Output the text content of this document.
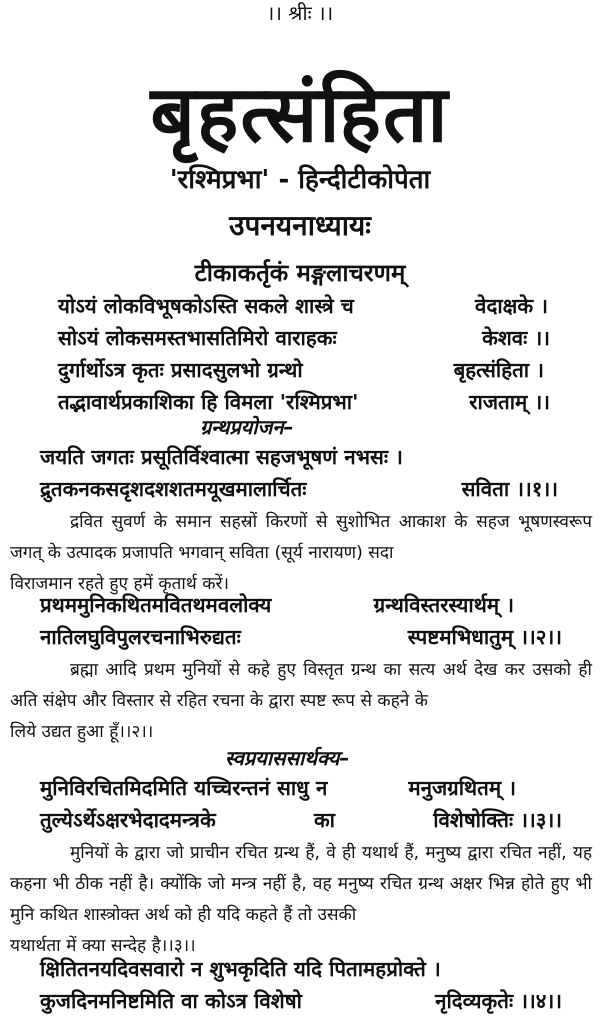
।। श्रीः ।।
बृहत्संहिता
'रश्मिप्रभा' - हिन्दीटीकोपेता
उपनयनाध्यायः
टीकाकर्तृकं मङ्गलाचरणम्
योऽयं लोकविभूषकोऽस्ति सकले शास्त्रे च	वेदाक्षके ।
सोऽयं लोकसमस्तभासतिमिरो वाराहकः	केशवः ।।
दुर्गार्थोऽत्र कृतः प्रसादसुलभो ग्रन्थो	बृहत्संहिता ।
तद्भावार्थप्रकाशिका हि विमला 'रश्मिप्रभा'	राजताम् ।।
ग्रन्थप्रयोजन–
जयति जगतः प्रसूतिर्विश्वात्मा सहजभूषणं नभसः ।
द्रुतकनकसदृशदशशतमयूखमालार्चितः	सविता ।।१।।

द्रवित सुवर्ण के समान सहस्रों किरणों से सुशोभित आकाश के सहज भूषणस्वरूप जगत् के उत्पादक प्रजापति भगवान् सविता (सूर्य नारायण) सदा

विराजमान रहते हुए हमें कृतार्थ करें।
प्रथममुनिकथितमवितथमवलोक्य	ग्रन्थविस्तरस्यार्थम् ।
नातिलघुविपुलरचनाभिरुद्यतः	स्पष्टमभिधातुम् ।।२।।

ब्रह्मा आदि प्रथम मुनियों से कहे हुए विस्तृत ग्रन्थ का सत्य अर्थ देख कर उसको ही अति संक्षेप और विस्तार से रहित रचना के द्वारा स्पष्ट रूप से कहने के

लिये उद्यत हुआ हूँ।।२।।
स्वप्रयाससार्थक्य–
मुनिविरचितमिदमिति यच्चिरन्तनं साधु न	मनुजग्रथितम् ।
तुल्येऽर्थेऽक्षरभेदादमन्त्रके	का	विशेषोक्तिः ।।३।।

मुनियों के द्वारा जो प्राचीन रचित ग्रन्थ हैं, वे ही यथार्थ हैं, मनुष्य द्वारा रचित नहीं, यह कहना भी ठीक नहीं है। क्योंकि जो मन्त्र नहीं है, वह मनुष्य रचित ग्रन्थ अक्षर भिन्न होते हुए भी मुनि कथित शास्त्रोक्त अर्थ को ही यदि कहते हैं तो उसकी

यथार्थता में क्या सन्देह है।।३।।
क्षितितनयदिवसवारो न शुभकृदिति यदि पितामहप्रोक्ते ।
कुजदिनमनिष्टमिति वा कोऽत्र विशेषो	नृदिव्यकृतेः ।।४।।
